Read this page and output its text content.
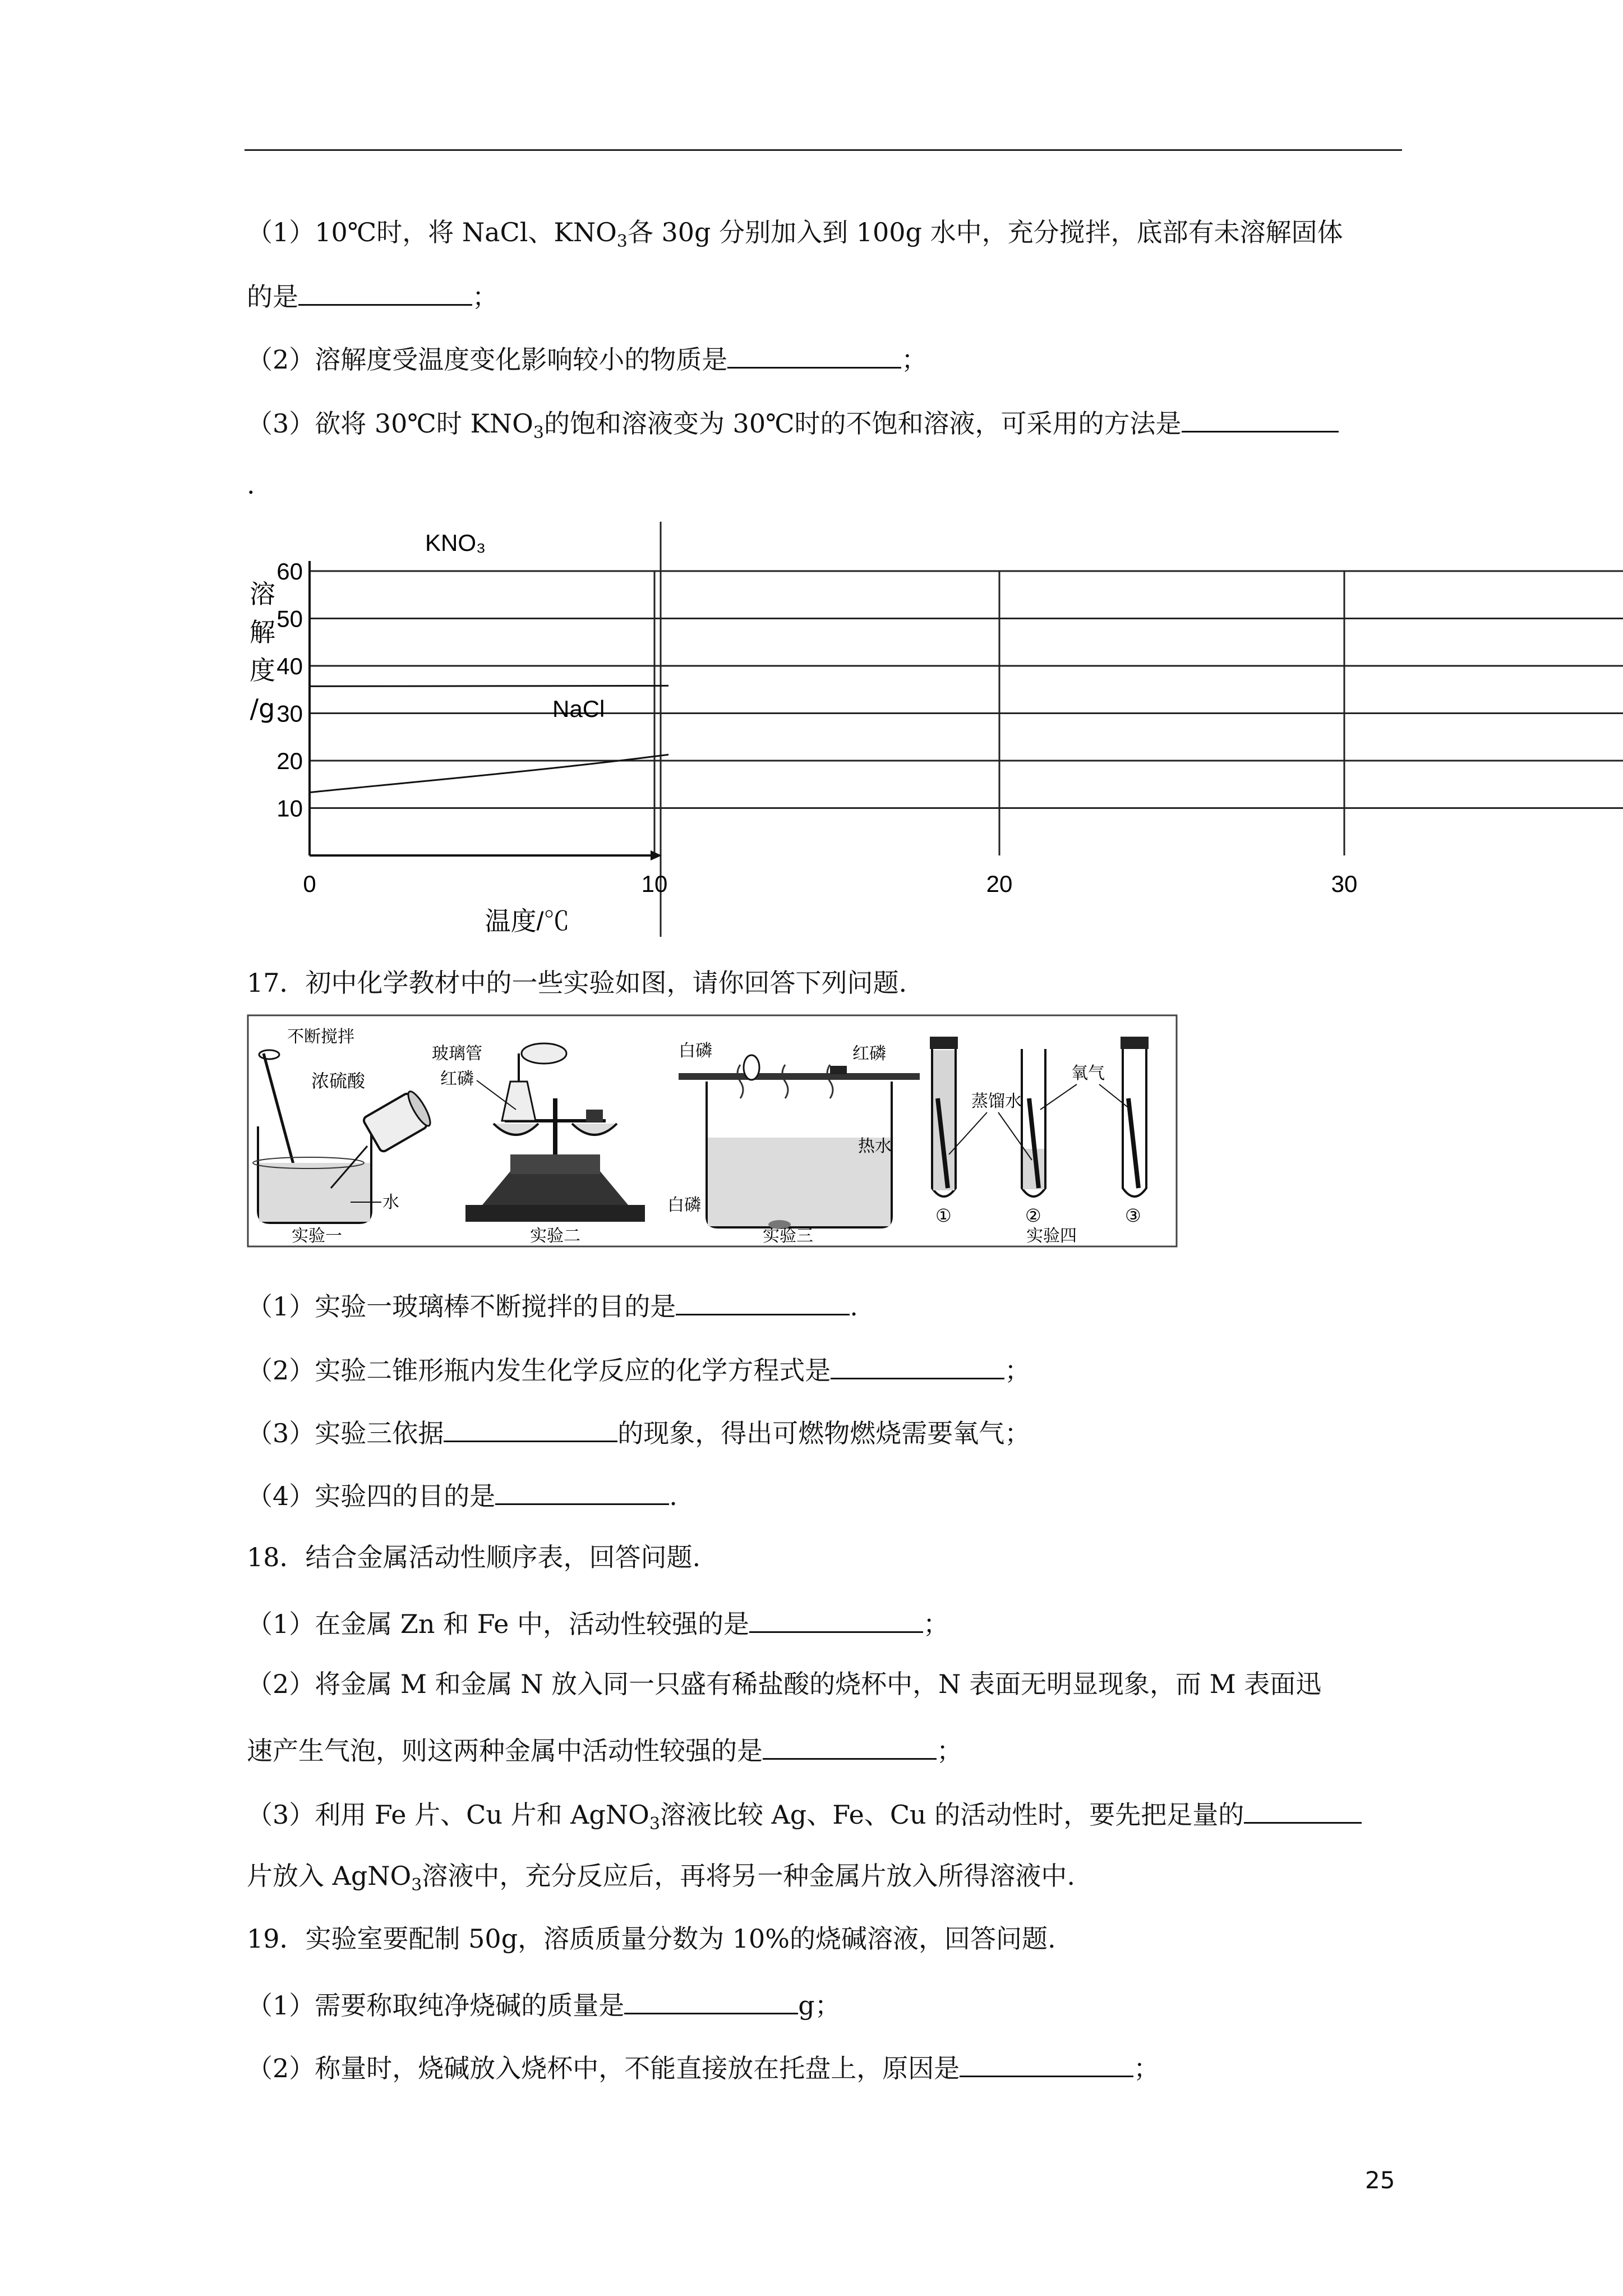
（1）10℃时，将 NaCl、$KNO_3$各 30g 分别加入到 100g 水中，充分搅拌，底部有未溶解固体
的是	；
（2）溶解度受温度变化影响较小的物质是	；
（3）欲将 30℃时 $KNO_3$的饱和溶液变为 30℃时的不饱和溶液，可采用的方法是
.
溶
解
度
/g
10
20
30
40
50
60
0	10	20	30
温度/℃
KNO₃
NaCl
17．初中化学教材中的一些实验如图，请你回答下列问题.
不断搅拌
浓硫酸
水
实验一
玻璃管
红磷
实验二
白磷	红磷
热水
白磷
实验三
蒸馏水
氧气
①	②	③
实验四
（1）实验一玻璃棒不断搅拌的目的是	.
（2）实验二锥形瓶内发生化学反应的化学方程式是	；
（3）实验三依据	的现象，得出可燃物燃烧需要氧气；
（4）实验四的目的是	.
18．结合金属活动性顺序表，回答问题.
（1）在金属 Zn 和 Fe 中，活动性较强的是	；
（2）将金属 M 和金属 N 放入同一只盛有稀盐酸的烧杯中，N 表面无明显现象，而 M 表面迅
速产生气泡，则这两种金属中活动性较强的是	；
（3）利用 Fe 片、Cu 片和 AgNO$_3$溶液比较 Ag、Fe、Cu 的活动性时，要先把足量的
片放入 AgNO$_3$溶液中，充分反应后，再将另一种金属片放入所得溶液中.
19．实验室要配制 50g，溶质质量分数为 10%的烧碱溶液，回答问题.
（1）需要称取纯净烧碱的质量是	g；
（2）称量时，烧碱放入烧杯中，不能直接放在托盘上，原因是	；
25
